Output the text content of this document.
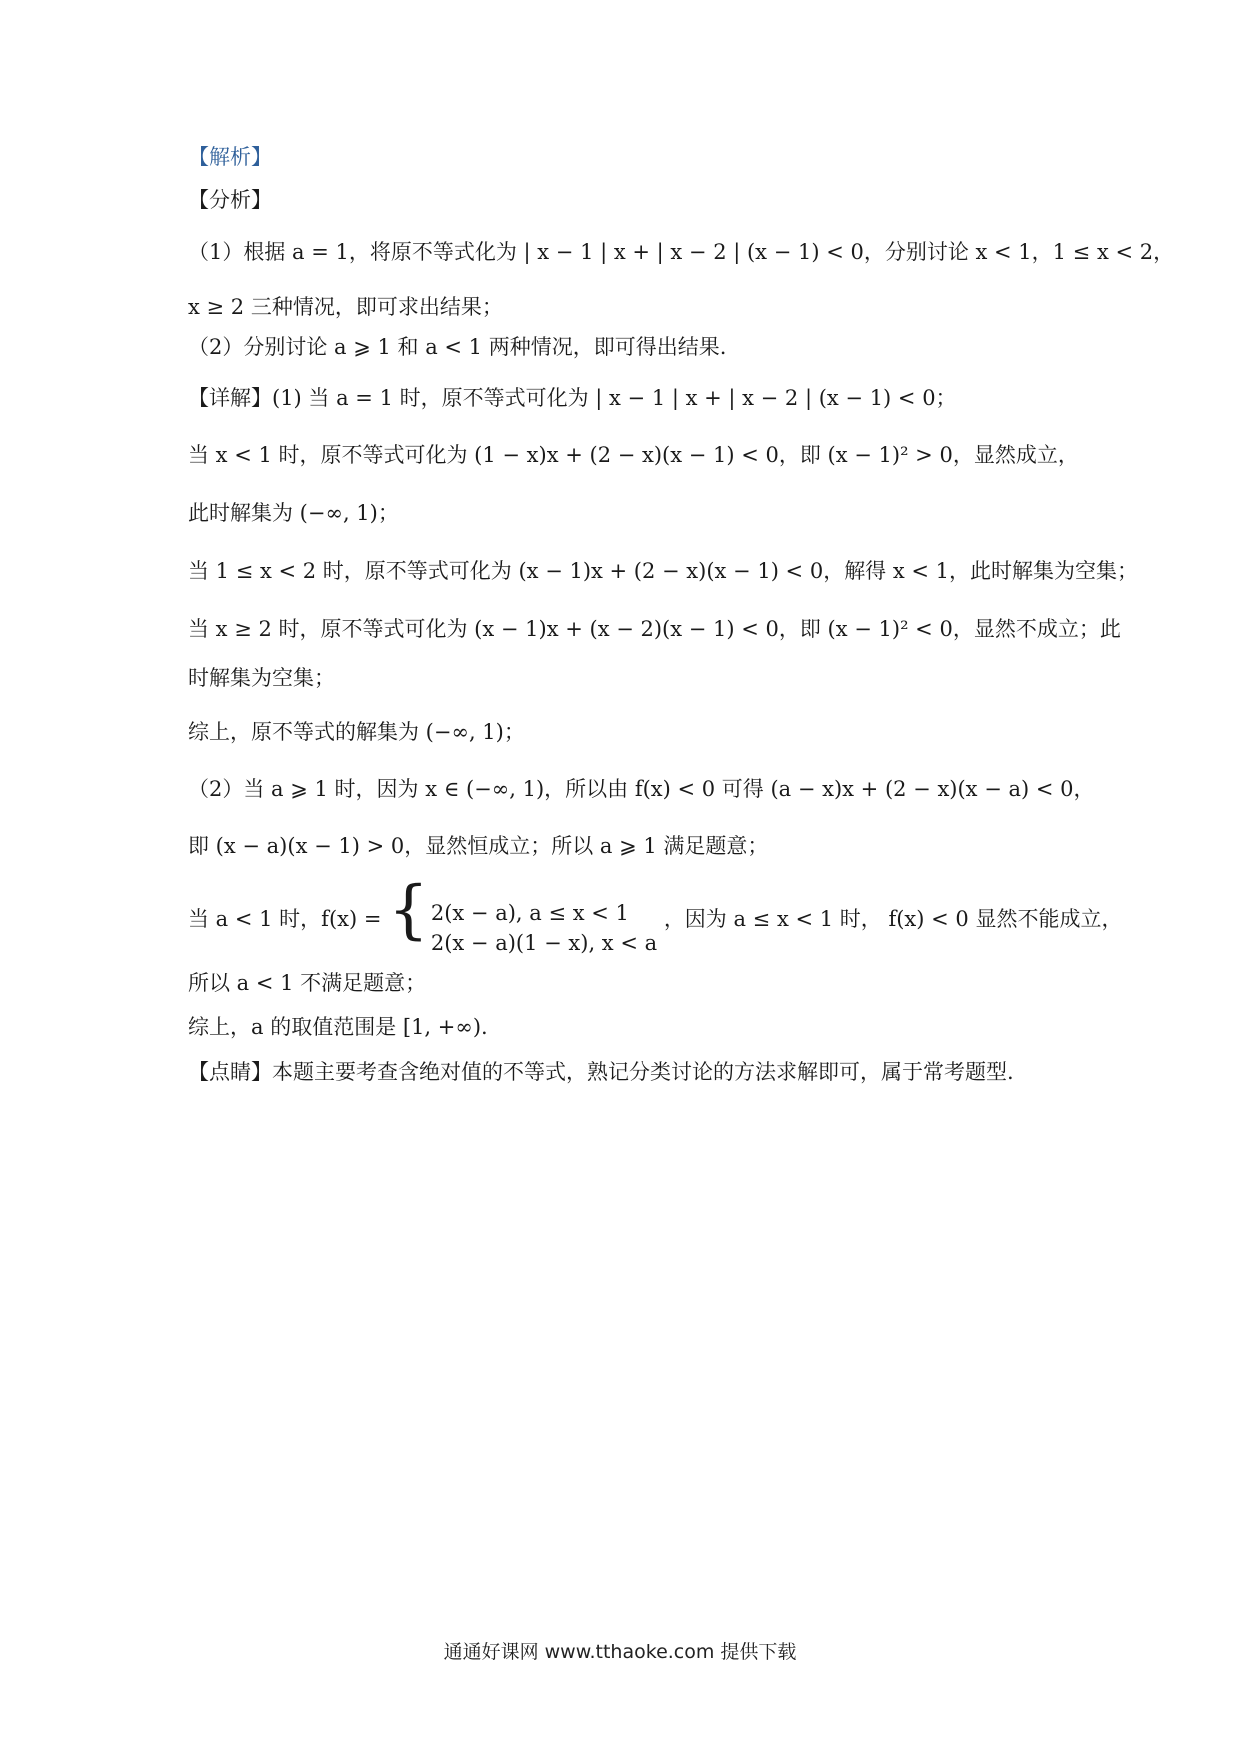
【解析】
【分析】
（1）根据 a = 1，将原不等式化为 | x − 1 | x + | x − 2 | (x − 1) < 0，分别讨论 x < 1，1 ≤ x < 2，
x ≥ 2 三种情况，即可求出结果；
（2）分别讨论 a ⩾ 1 和 a < 1 两种情况，即可得出结果.
【详解】(1) 当 a = 1 时，原不等式可化为 | x − 1 | x + | x − 2 | (x − 1) < 0；
当 x < 1 时，原不等式可化为 (1 − x)x + (2 − x)(x − 1) < 0，即 (x − 1)² > 0，显然成立，
此时解集为 (−∞, 1)；
当 1 ≤ x < 2 时，原不等式可化为 (x − 1)x + (2 − x)(x − 1) < 0，解得 x < 1，此时解集为空集；
当 x ≥ 2 时，原不等式可化为 (x − 1)x + (x − 2)(x − 1) < 0，即 (x − 1)² < 0，显然不成立；此
时解集为空集；
综上，原不等式的解集为 (−∞, 1)；
（2）当 a ⩾ 1 时，因为 x ∈ (−∞, 1)，所以由 f(x) < 0 可得 (a − x)x + (2 − x)(x − a) < 0，
即 (x − a)(x − 1) > 0，显然恒成立；所以 a ⩾ 1 满足题意；
当 a < 1 时，f(x) = { 2(x − a), a ≤ x < 1
2(x − a)(1 − x), x < a
，因为 a ≤ x < 1 时， f(x) < 0 显然不能成立，
所以 a < 1 不满足题意；
综上，a 的取值范围是 [1, +∞).
【点睛】本题主要考查含绝对值的不等式，熟记分类讨论的方法求解即可，属于常考题型.
通通好课网 www.tthaoke.com 提供下载
